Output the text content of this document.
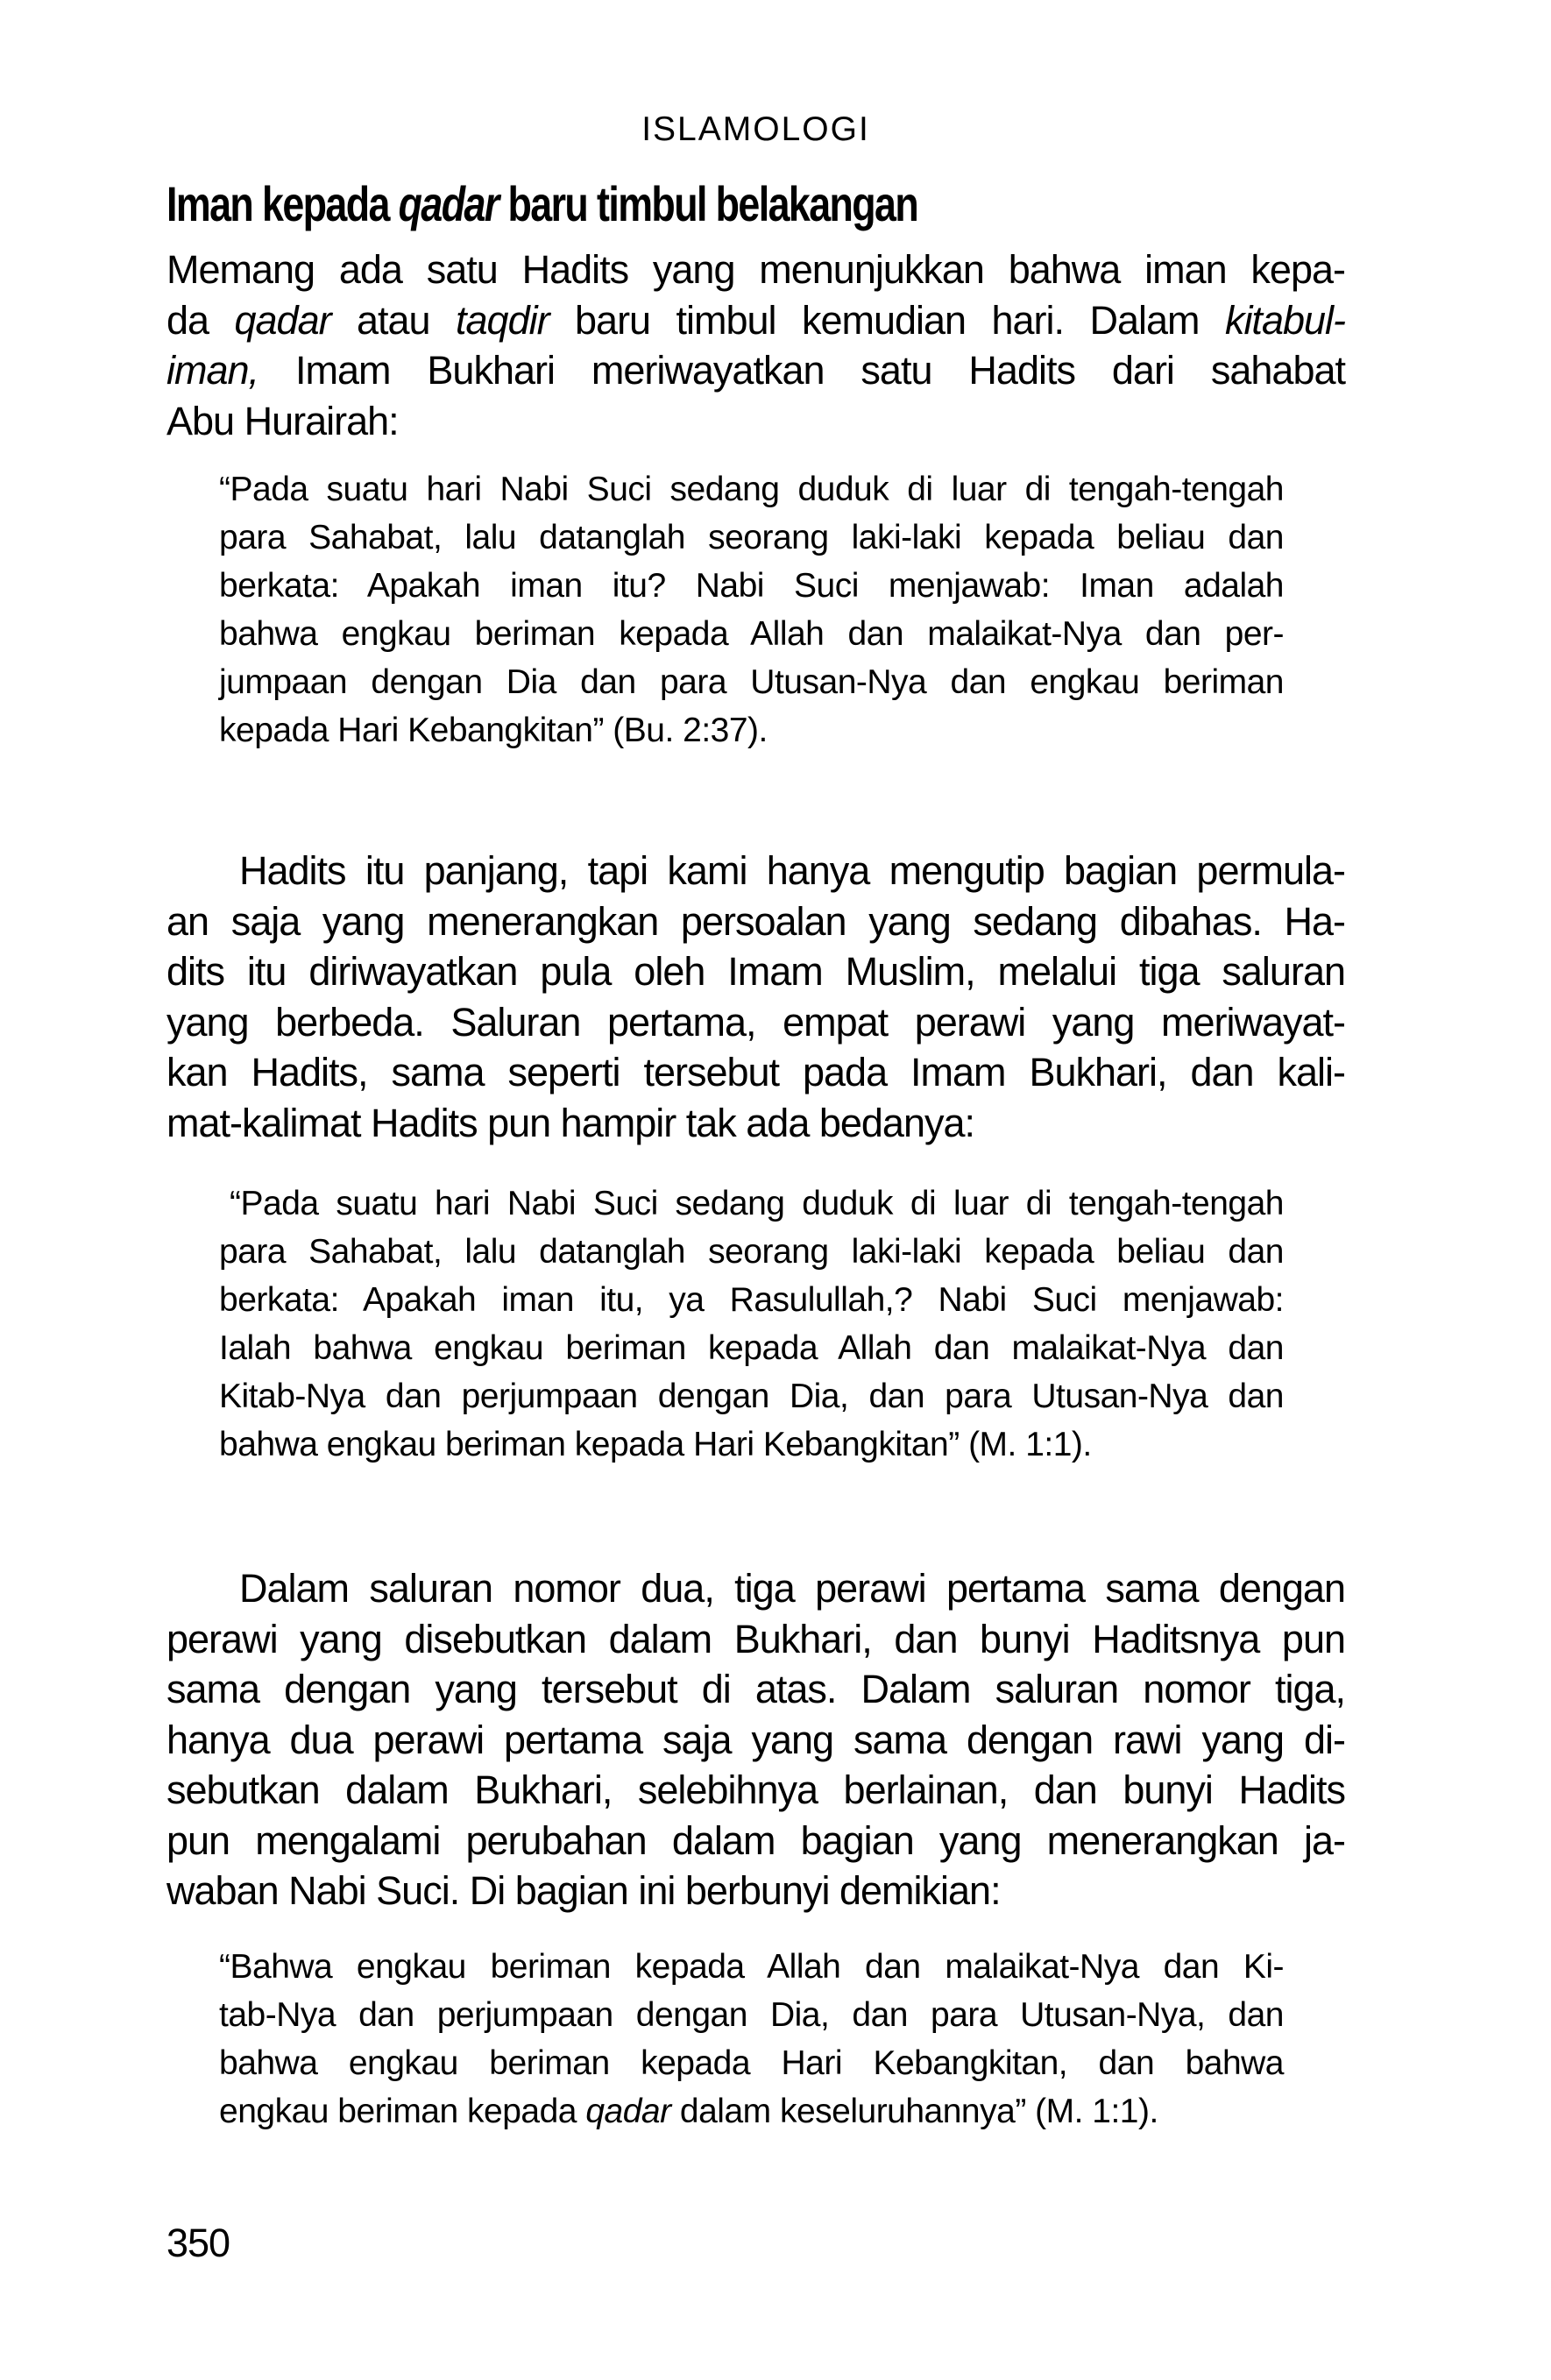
ISLAMOLOGI
Iman kepada qadar baru timbul belakangan
Memang ada satu Hadits yang menunjukkan bahwa iman kepa-
da qadar atau taqdir baru timbul kemudian hari. Dalam kitabul-
iman, Imam Bukhari meriwayatkan satu Hadits dari sahabat
Abu Hurairah:
“Pada suatu hari Nabi Suci sedang duduk di luar di tengah-tengah
para Sahabat, lalu datanglah seorang laki-laki kepada beliau dan
berkata: Apakah iman itu? Nabi Suci menjawab: Iman adalah
bahwa engkau beriman kepada Allah dan malaikat-Nya dan per-
jumpaan dengan Dia dan para Utusan-Nya dan engkau beriman
kepada Hari Kebangkitan” (Bu. 2:37).
Hadits itu panjang, tapi kami hanya mengutip bagian permula-
an saja yang menerangkan persoalan yang sedang dibahas. Ha-
dits itu diriwayatkan pula oleh Imam Muslim, melalui tiga saluran
yang berbeda. Saluran pertama, empat perawi yang meriwayat-
kan Hadits, sama seperti tersebut pada Imam Bukhari, dan kali-
mat-kalimat Hadits pun hampir tak ada bedanya:
“Pada suatu hari Nabi Suci sedang duduk di luar di tengah-tengah
para Sahabat, lalu datanglah seorang laki-laki kepada beliau dan
berkata: Apakah iman itu, ya Rasulullah,? Nabi Suci menjawab:
Ialah bahwa engkau beriman kepada Allah dan malaikat-Nya dan
Kitab-Nya dan perjumpaan dengan Dia, dan para Utusan-Nya dan
bahwa engkau beriman kepada Hari Kebangkitan” (M. 1:1).
Dalam saluran nomor dua, tiga perawi pertama sama dengan
perawi yang disebutkan dalam Bukhari, dan bunyi Haditsnya pun
sama dengan yang tersebut di atas. Dalam saluran nomor tiga,
hanya dua perawi pertama saja yang sama dengan rawi yang di-
sebutkan dalam Bukhari, selebihnya berlainan, dan bunyi Hadits
pun mengalami perubahan dalam bagian yang menerangkan ja-
waban Nabi Suci. Di bagian ini berbunyi demikian:
“Bahwa engkau beriman kepada Allah dan malaikat-Nya dan Ki-
tab-Nya dan perjumpaan dengan Dia, dan para Utusan-Nya, dan
bahwa engkau beriman kepada Hari Kebangkitan, dan bahwa
engkau beriman kepada qadar dalam keseluruhannya” (M. 1:1).
350
